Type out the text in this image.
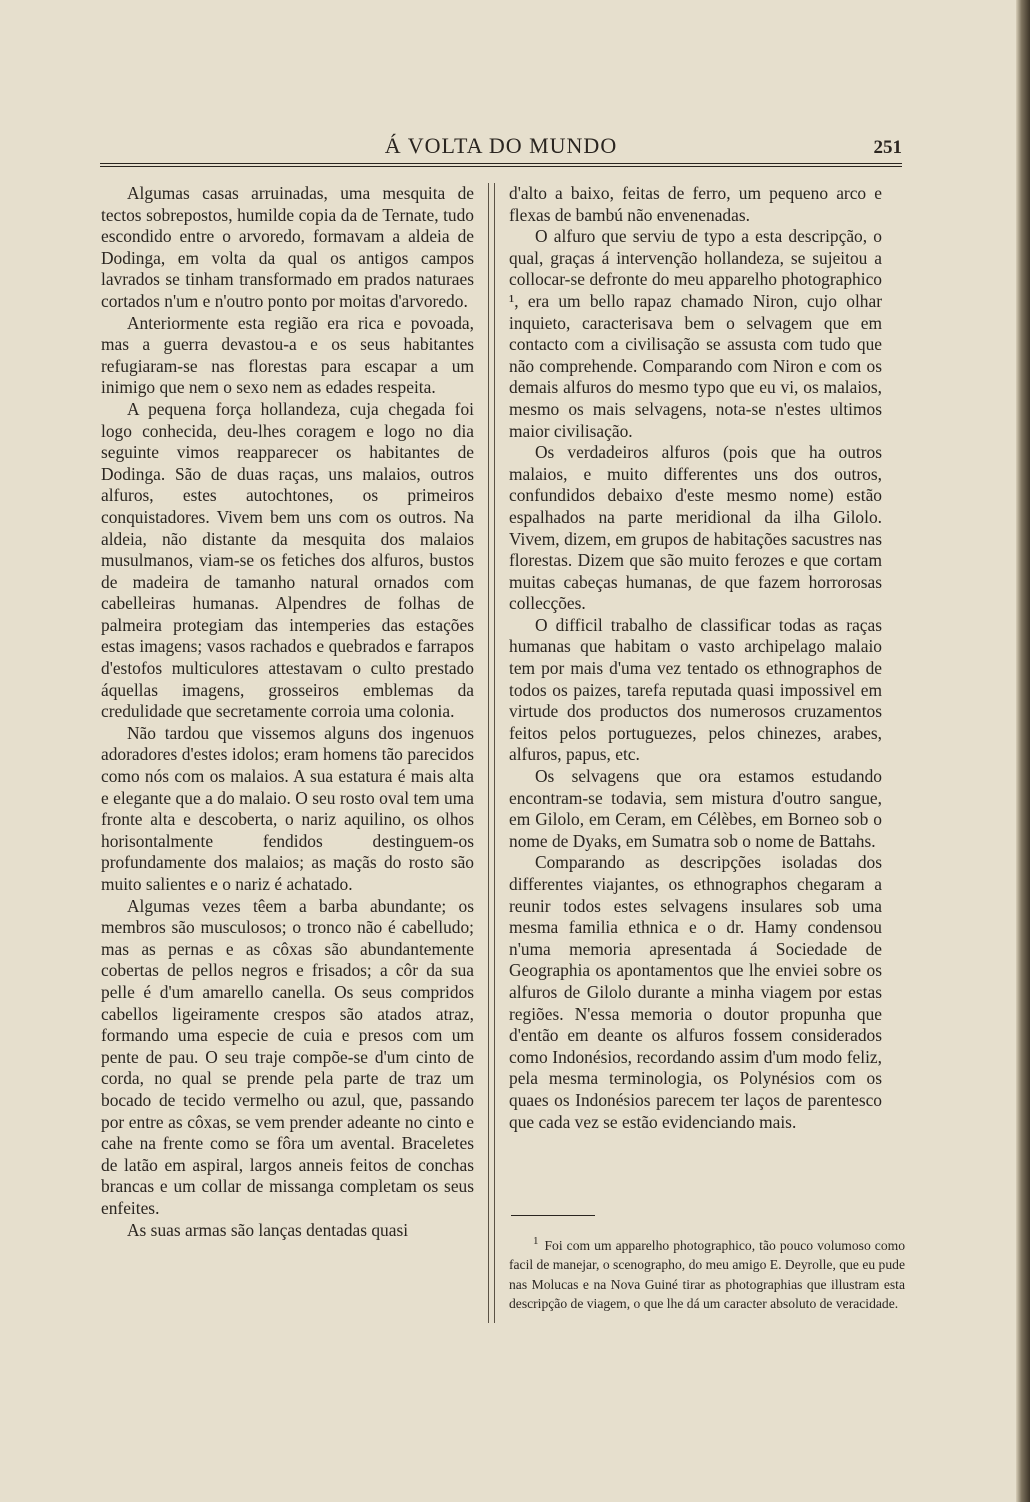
Á VOLTA DO MUNDO	251

Algumas casas arruinadas, uma mesquita de tectos sobrepostos, humilde copia da de Ternate, tudo escondido entre o arvoredo, formavam a aldeia de Dodinga, em volta da qual os antigos campos lavrados se tinham transformado em prados naturaes cortados n'um e n'outro ponto por moitas d'arvoredo.

Anteriormente esta região era rica e povoada, mas a guerra devastou-a e os seus habitantes refugiaram-se nas florestas para escapar a um inimigo que nem o sexo nem as edades respeita.

A pequena força hollandeza, cuja chegada foi logo conhecida, deu-lhes coragem e logo no dia seguinte vimos reapparecer os habitantes de Dodinga. São de duas raças, uns malaios, outros alfuros, estes autochtones, os primeiros conquistadores. Vivem bem uns com os outros. Na aldeia, não distante da mesquita dos malaios musulmanos, viam-se os fetiches dos alfuros, bustos de madeira de tamanho natural ornados com cabelleiras humanas. Alpendres de folhas de palmeira protegiam das intemperies das estações estas imagens; vasos rachados e quebrados e farrapos d'estofos multiculores attestavam o culto prestado áquellas imagens, grosseiros emblemas da credulidade que secretamente corroia uma colonia.

Não tardou que vissemos alguns dos ingenuos adoradores d'estes idolos; eram homens tão parecidos como nós com os malaios. A sua estatura é mais alta e elegante que a do malaio. O seu rosto oval tem uma fronte alta e descoberta, o nariz aquilino, os olhos horisontalmente fendidos destinguem-os profundamente dos malaios; as maçãs do rosto são muito salientes e o nariz é achatado.

Algumas vezes têem a barba abundante; os membros são musculosos; o tronco não é cabelludo; mas as pernas e as côxas são abundantemente cobertas de pellos negros e frisados; a côr da sua pelle é d'um amarello canella. Os seus compridos cabellos ligeiramente crespos são atados atraz, formando uma especie de cuia e presos com um pente de pau. O seu traje compõe-se d'um cinto de corda, no qual se prende pela parte de traz um bocado de tecido vermelho ou azul, que, passando por entre as côxas, se vem prender adeante no cinto e cahe na frente como se fôra um avental. Braceletes de latão em aspiral, largos anneis feitos de conchas brancas e um collar de missanga completam os seus enfeites.

As suas armas são lanças dentadas quasi

d'alto a baixo, feitas de ferro, um pequeno arco e flexas de bambú não envenenadas.

O alfuro que serviu de typo a esta descripção, o qual, graças á intervenção hollandeza, se sujeitou a collocar-se defronte do meu apparelho photographico ¹, era um bello rapaz chamado Niron, cujo olhar inquieto, caracterisava bem o selvagem que em contacto com a civilisação se assusta com tudo que não comprehende. Comparando com Niron e com os demais alfuros do mesmo typo que eu vi, os malaios, mesmo os mais selvagens, nota-se n'estes ultimos maior civilisação.

Os verdadeiros alfuros (pois que ha outros malaios, e muito differentes uns dos outros, confundidos debaixo d'este mesmo nome) estão espalhados na parte meridional da ilha Gilolo. Vivem, dizem, em grupos de habitações sacustres nas florestas. Dizem que são muito ferozes e que cortam muitas cabeças humanas, de que fazem horrorosas collecções.

O difficil trabalho de classificar todas as raças humanas que habitam o vasto archipelago malaio tem por mais d'uma vez tentado os ethnographos de todos os paizes, tarefa reputada quasi impossivel em virtude dos productos dos numerosos cruzamentos feitos pelos portuguezes, pelos chinezes, arabes, alfuros, papus, etc.

Os selvagens que ora estamos estudando encontram-se todavia, sem mistura d'outro sangue, em Gilolo, em Ceram, em Célèbes, em Borneo sob o nome de Dyaks, em Sumatra sob o nome de Battahs.

Comparando as descripções isoladas dos differentes viajantes, os ethnographos chegaram a reunir todos estes selvagens insulares sob uma mesma familia ethnica e o dr. Hamy condensou n'uma memoria apresentada á Sociedade de Geographia os apontamentos que lhe enviei sobre os alfuros de Gilolo durante a minha viagem por estas regiões. N'essa memoria o doutor propunha que d'então em deante os alfuros fossem considerados como Indonésios, recordando assim d'um modo feliz, pela mesma terminologia, os Polynésios com os quaes os Indonésios parecem ter laços de parentesco que cada vez se estão evidenciando mais.

$^1$ Foi com um apparelho photographico, tão pouco volumoso como facil de manejar, o scenographo, do meu amigo E. Deyrolle, que eu pude nas Molucas e na Nova Guiné tirar as photographias que illustram esta descripção de viagem, o que lhe dá um caracter absoluto de veracidade.
